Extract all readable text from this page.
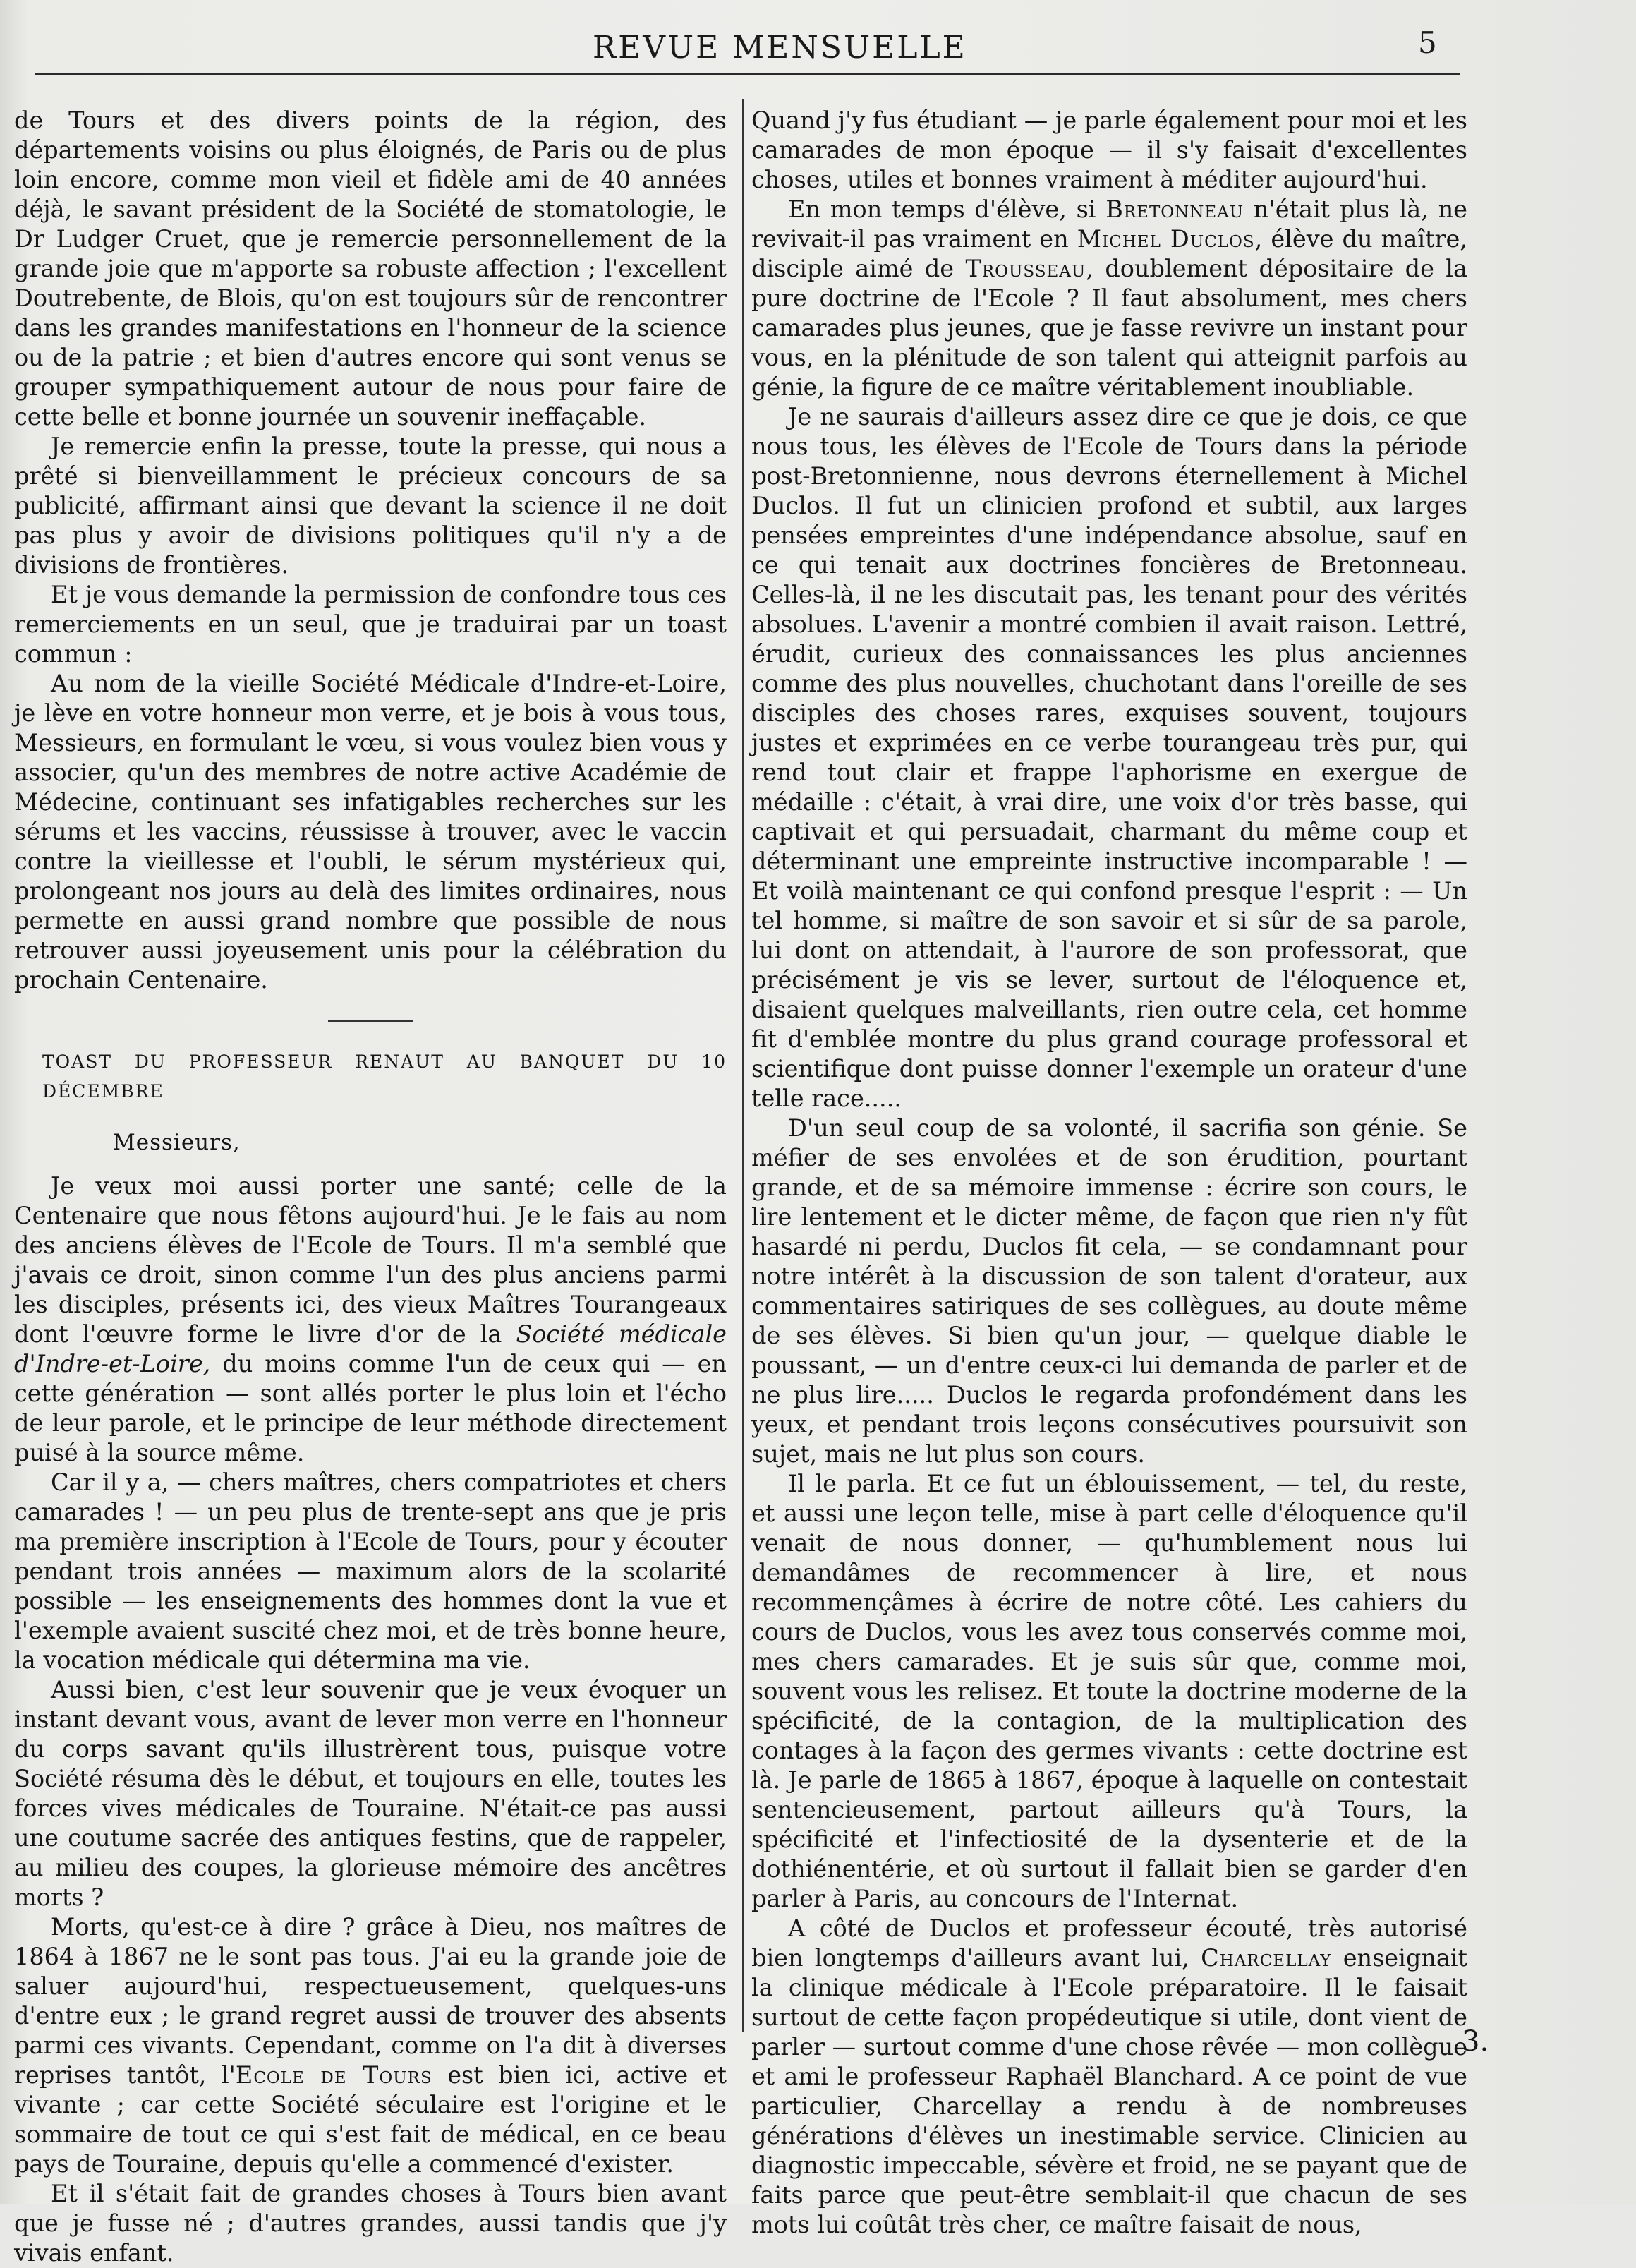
REVUE MENSUELLE	5

de Tours et des divers points de la région, des départements voisins ou plus éloignés, de Paris ou de plus loin encore, comme mon vieil et fidèle ami de 40 années déjà, le savant président de la Société de stomatologie, le Dr Ludger Cruet, que je remercie personnellement de la grande joie que m'apporte sa robuste affection ; l'excellent Doutrebente, de Blois, qu'on est toujours sûr de rencontrer dans les grandes manifestations en l'honneur de la science ou de la patrie ; et bien d'autres encore qui sont venus se grouper sympathiquement autour de nous pour faire de cette belle et bonne journée un souvenir ineffaçable.

Je remercie enfin la presse, toute la presse, qui nous a prêté si bienveillamment le précieux concours de sa publicité, affirmant ainsi que devant la science il ne doit pas plus y avoir de divisions politiques qu'il n'y a de divisions de frontières.

Et je vous demande la permission de confondre tous ces remerciements en un seul, que je traduirai par un toast commun :

Au nom de la vieille Société Médicale d'Indre-et-Loire, je lève en votre honneur mon verre, et je bois à vous tous, Messieurs, en formulant le vœu, si vous voulez bien vous y associer, qu'un des membres de notre active Académie de Médecine, continuant ses infatigables recherches sur les sérums et les vaccins, réussisse à trouver, avec le vaccin contre la vieillesse et l'oubli, le sérum mystérieux qui, prolongeant nos jours au delà des limites ordinaires, nous permette en aussi grand nombre que possible de nous retrouver aussi joyeusement unis pour la célébration du prochain Centenaire.

TOAST DU PROFESSEUR RENAUT AU BANQUET DU 10 DÉCEMBRE
Messieurs,

Je veux moi aussi porter une santé; celle de la Centenaire que nous fêtons aujourd'hui. Je le fais au nom des anciens élèves de l'Ecole de Tours. Il m'a semblé que j'avais ce droit, sinon comme l'un des plus anciens parmi les disciples, présents ici, des vieux Maîtres Tourangeaux dont l'œuvre forme le livre d'or de la Société médicale d'Indre-et-Loire, du moins comme l'un de ceux qui — en cette génération — sont allés porter le plus loin et l'écho de leur parole, et le principe de leur méthode directement puisé à la source même.

Car il y a, — chers maîtres, chers compatriotes et chers camarades ! — un peu plus de trente-sept ans que je pris ma première inscription à l'Ecole de Tours, pour y écouter pendant trois années — maximum alors de la scolarité possible — les enseignements des hommes dont la vue et l'exemple avaient suscité chez moi, et de très bonne heure, la vocation médicale qui détermina ma vie.

Aussi bien, c'est leur souvenir que je veux évoquer un instant devant vous, avant de lever mon verre en l'honneur du corps savant qu'ils illustrèrent tous, puisque votre Société résuma dès le début, et toujours en elle, toutes les forces vives médicales de Touraine. N'était-ce pas aussi une coutume sacrée des antiques festins, que de rappeler, au milieu des coupes, la glorieuse mémoire des ancêtres morts ?

Morts, qu'est-ce à dire ? grâce à Dieu, nos maîtres de 1864 à 1867 ne le sont pas tous. J'ai eu la grande joie de saluer aujourd'hui, respectueusement, quelques-uns d'entre eux ; le grand regret aussi de trouver des absents parmi ces vivants. Cependant, comme on l'a dit à diverses reprises tantôt, l'Ecole de Tours est bien ici, active et vivante ; car cette Société séculaire est l'origine et le sommaire de tout ce qui s'est fait de médical, en ce beau pays de Touraine, depuis qu'elle a commencé d'exister.

Et il s'était fait de grandes choses à Tours bien avant que je fusse né ; d'autres grandes, aussi tandis que j'y vivais enfant.

Quand j'y fus étudiant — je parle également pour moi et les camarades de mon époque — il s'y faisait d'excellentes choses, utiles et bonnes vraiment à méditer aujourd'hui.

En mon temps d'élève, si Bretonneau n'était plus là, ne revivait-il pas vraiment en Michel Duclos, élève du maître, disciple aimé de Trousseau, doublement dépositaire de la pure doctrine de l'Ecole ? Il faut absolument, mes chers camarades plus jeunes, que je fasse revivre un instant pour vous, en la plénitude de son talent qui atteignit parfois au génie, la figure de ce maître véritablement inoubliable.

Je ne saurais d'ailleurs assez dire ce que je dois, ce que nous tous, les élèves de l'Ecole de Tours dans la période post-Bretonnienne, nous devrons éternellement à Michel Duclos. Il fut un clinicien profond et subtil, aux larges pensées empreintes d'une indépendance absolue, sauf en ce qui tenait aux doctrines foncières de Bretonneau. Celles-là, il ne les discutait pas, les tenant pour des vérités absolues. L'avenir a montré combien il avait raison. Lettré, érudit, curieux des connaissances les plus anciennes comme des plus nouvelles, chuchotant dans l'oreille de ses disciples des choses rares, exquises souvent, toujours justes et exprimées en ce verbe tourangeau très pur, qui rend tout clair et frappe l'aphorisme en exergue de médaille : c'était, à vrai dire, une voix d'or très basse, qui captivait et qui persuadait, charmant du même coup et déterminant une empreinte instructive incomparable ! — Et voilà maintenant ce qui confond presque l'esprit : — Un tel homme, si maître de son savoir et si sûr de sa parole, lui dont on attendait, à l'aurore de son professorat, que précisément je vis se lever, surtout de l'éloquence et, disaient quelques malveillants, rien outre cela, cet homme fit d'emblée montre du plus grand courage professoral et scientifique dont puisse donner l'exemple un orateur d'une telle race.....

D'un seul coup de sa volonté, il sacrifia son génie. Se méfier de ses envolées et de son érudition, pourtant grande, et de sa mémoire immense : écrire son cours, le lire lentement et le dicter même, de façon que rien n'y fût hasardé ni perdu, Duclos fit cela, — se condamnant pour notre intérêt à la discussion de son talent d'orateur, aux commentaires satiriques de ses collègues, au doute même de ses élèves. Si bien qu'un jour, — quelque diable le poussant, — un d'entre ceux-ci lui demanda de parler et de ne plus lire..... Duclos le regarda profondément dans les yeux, et pendant trois leçons consécutives poursuivit son sujet, mais ne lut plus son cours.

Il le parla. Et ce fut un éblouissement, — tel, du reste, et aussi une leçon telle, mise à part celle d'éloquence qu'il venait de nous donner, — qu'humblement nous lui demandâmes de recommencer à lire, et nous recommençâmes à écrire de notre côté. Les cahiers du cours de Duclos, vous les avez tous conservés comme moi, mes chers camarades. Et je suis sûr que, comme moi, souvent vous les relisez. Et toute la doctrine moderne de la spécificité, de la contagion, de la multiplication des contages à la façon des germes vivants : cette doctrine est là. Je parle de 1865 à 1867, époque à laquelle on contestait sentencieusement, partout ailleurs qu'à Tours, la spécificité et l'infectiosité de la dysenterie et de la dothiénentérie, et où surtout il fallait bien se garder d'en parler à Paris, au concours de l'Internat.

A côté de Duclos et professeur écouté, très autorisé bien longtemps d'ailleurs avant lui, Charcellay enseignait la clinique médicale à l'Ecole préparatoire. Il le faisait surtout de cette façon propédeutique si utile, dont vient de parler — surtout comme d'une chose rêvée — mon collègue et ami le professeur Raphaël Blanchard. A ce point de vue particulier, Charcellay a rendu à de nombreuses générations d'élèves un inestimable service. Clinicien au diagnostic impeccable, sévère et froid, ne se payant que de faits parce que peut-être semblait-il que chacun de ses mots lui coûtât très cher, ce maître faisait de nous,

3.
